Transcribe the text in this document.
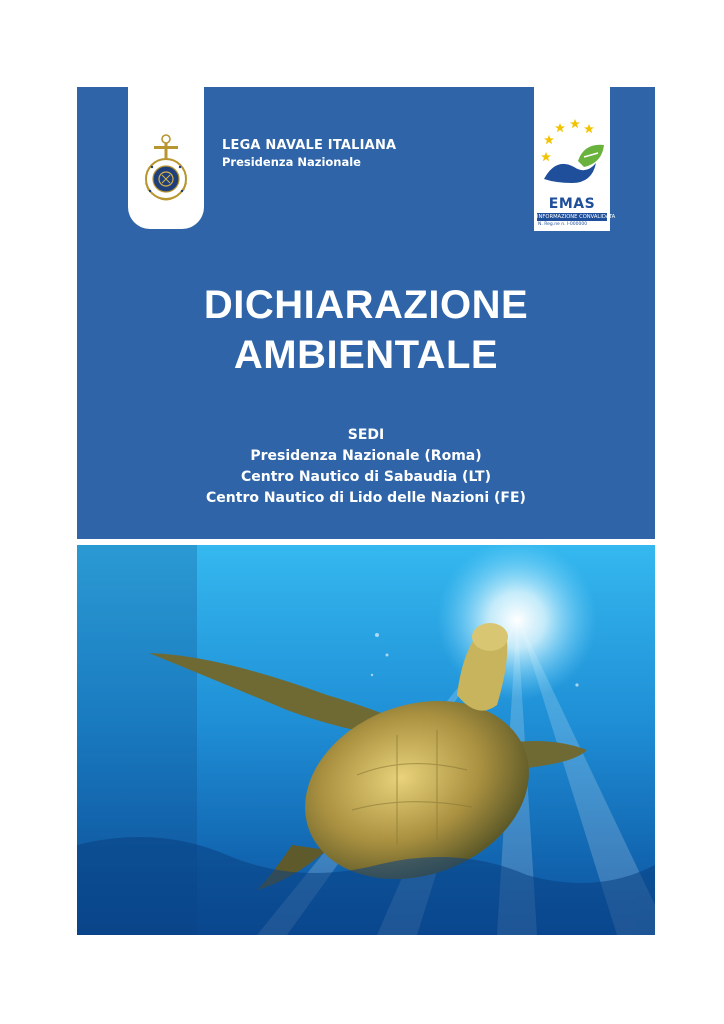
LEGA NAVALE ITALIANA
Presidenza Nazionale
EMAS
INFORMAZIONE CONVALIDATA
N. Reg.ne n. I-000000
DICHIARAZIONE
AMBIENTALE
SEDI
Presidenza Nazionale (Roma)
Centro Nautico di Sabaudia (LT)
Centro Nautico di Lido delle Nazioni (FE)
